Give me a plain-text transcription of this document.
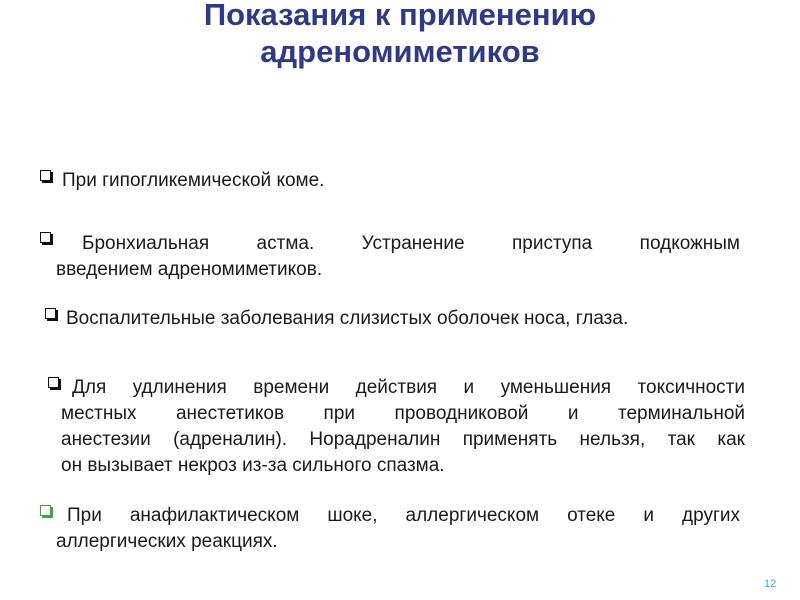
Показания к применению
адреномиметиков
При гипогликемической коме.
Бронхиальная астма. Устранение приступа подкожным
введением адреномиметиков.
Воспалительные заболевания слизистых оболочек носа, глаза.
Для удлинения времени действия и уменьшения токсичности
местных анестетиков при проводниковой и терминальной
анестезии (адреналин). Норадреналин применять нельзя, так как
он вызывает некроз из-за сильного спазма.
При анафилактическом шоке, аллергическом отеке и других
аллергических реакциях.
12
